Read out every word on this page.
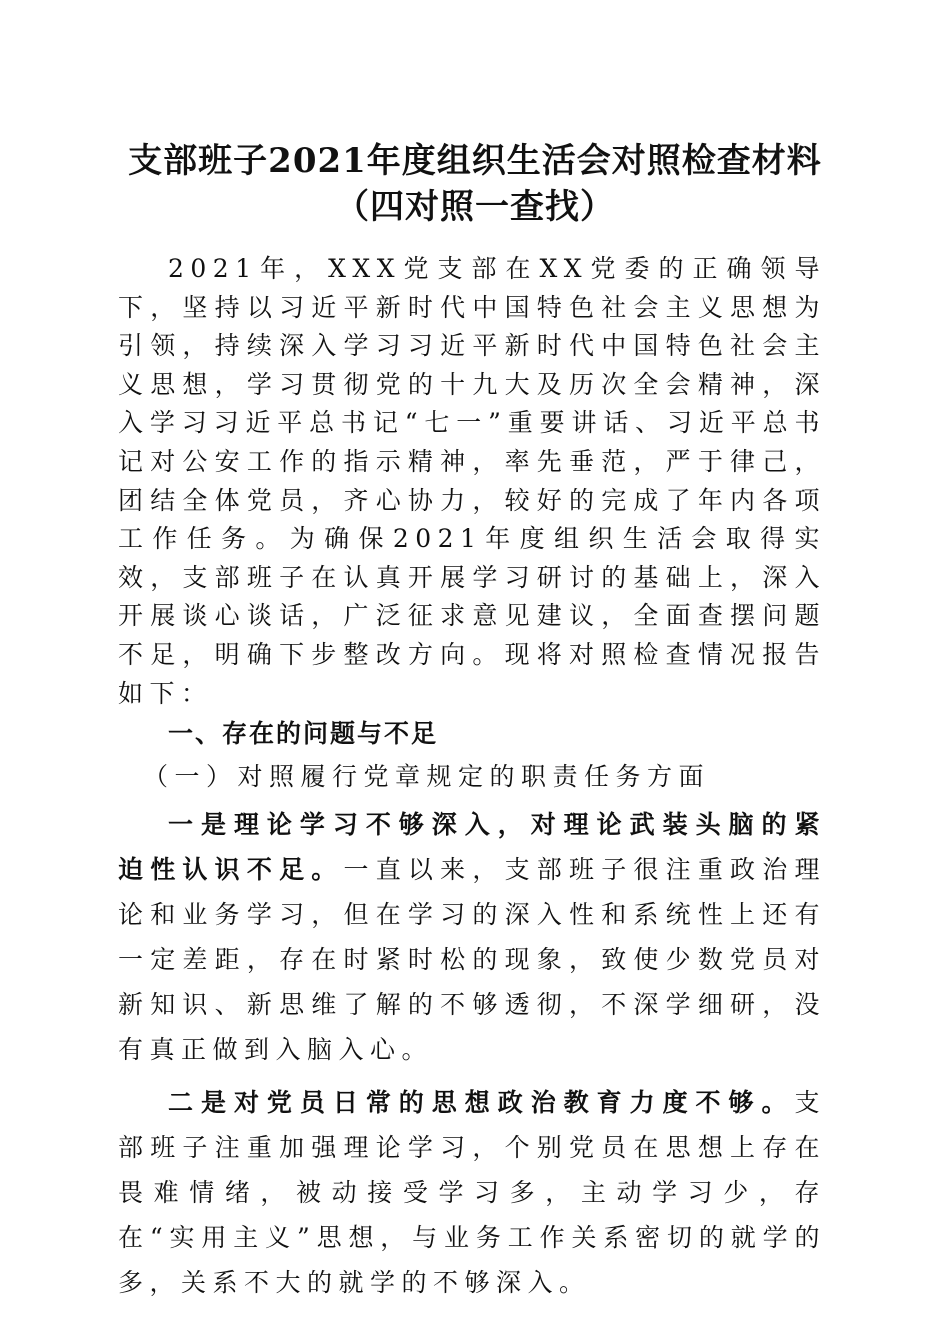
支部班子2021年度组织生活会对照检查材料
（四对照一查找）

2021年，XXX党支部在XX党委的正确领导下，坚持以习近平新时代中国特色社会主义思想为引领，持续深入学习习近平新时代中国特色社会主义思想，学习贯彻党的十九大及历次全会精神，深入学习习近平总书记“七一”重要讲话、习近平总书记对公安工作的指示精神，率先垂范，严于律己，团结全体党员，齐心协力，较好的完成了年内各项工作任务。为确保2021年度组织生活会取得实效，支部班子在认真开展学习研讨的基础上，深入开展谈心谈话，广泛征求意见建议，全面查摆问题不足，明确下步整改方向。现将对照检查情况报告如下：

一、存在的问题与不足

（一）对照履行党章规定的职责任务方面

一是理论学习不够深入，对理论武装头脑的紧迫性认识不足。一直以来，支部班子很注重政治理论和业务学习，但在学习的深入性和系统性上还有一定差距，存在时紧时松的现象，致使少数党员对新知识、新思维了解的不够透彻，不深学细研，没有真正做到入脑入心。

二是对党员日常的思想政治教育力度不够。支部班子注重加强理论学习，个别党员在思想上存在畏难情绪，被动接受学习多，主动学习少，存在“实用主义”思想，与业务工作关系密切的就学的多，关系不大的就学的不够深入。
